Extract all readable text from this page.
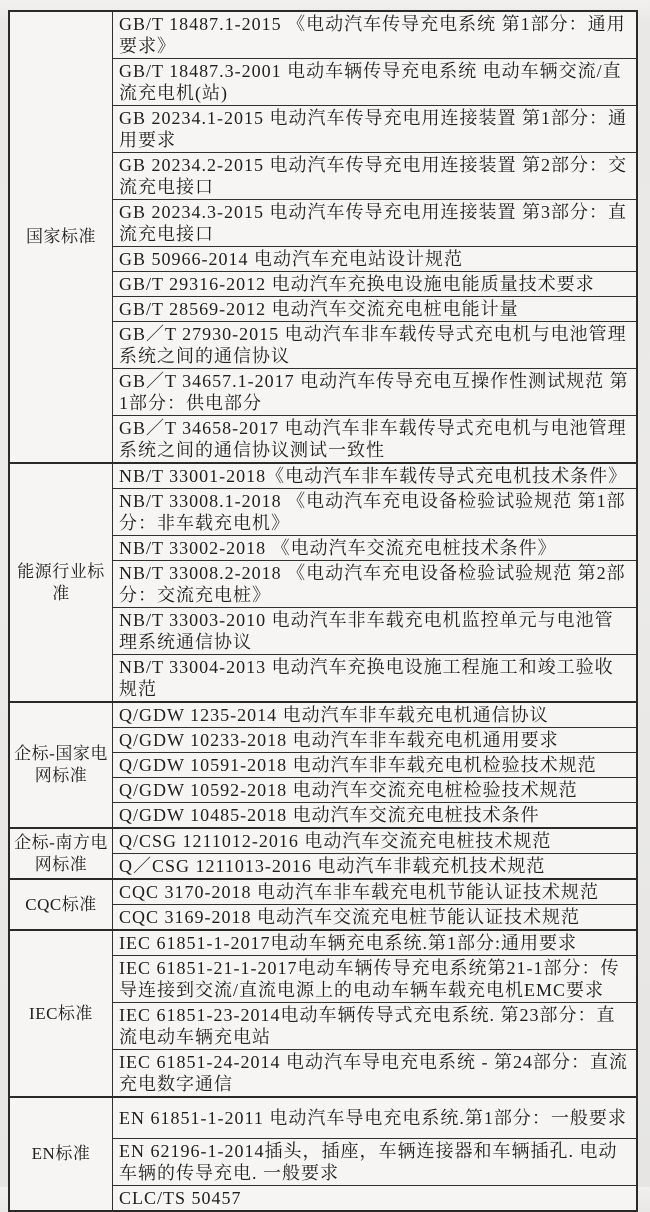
国家标准	GB/T 18487.1-2015 《电动汽车传导充电系统 第1部分：通用要求》
	GB/T 18487.3-2001 电动车辆传导充电系统 电动车辆交流/直流充电机(站)
	GB 20234.1-2015 电动汽车传导充电用连接装置 第1部分：通用要求
	GB 20234.2-2015 电动汽车传导充电用连接装置 第2部分：交流充电接口
	GB 20234.3-2015 电动汽车传导充电用连接装置 第3部分：直流充电接口
	GB 50966-2014 电动汽车充电站设计规范
	GB/T 29316-2012 电动汽车充换电设施电能质量技术要求
	GB/T 28569-2012 电动汽车交流充电桩电能计量
	GB／T 27930-2015 电动汽车非车载传导式充电机与电池管理系统之间的通信协议
	GB／T 34657.1-2017 电动汽车传导充电互操作性测试规范 第1部分：供电部分
	GB／T 34658-2017 电动汽车非车载传导式充电机与电池管理系统之间的通信协议测试一致性
能源行业标准	NB/T 33001-2018《电动汽车非车载传导式充电机技术条件》
	NB/T 33008.1-2018 《电动汽车充电设备检验试验规范 第1部分：非车载充电机》
	NB/T 33002-2018 《电动汽车交流充电桩技术条件》
	NB/T 33008.2-2018 《电动汽车充电设备检验试验规范 第2部分：交流充电桩》
	NB/T 33003-2010 电动汽车非车载充电机监控单元与电池管理系统通信协议
	NB/T 33004-2013 电动汽车充换电设施工程施工和竣工验收规范
企标-国家电网标准	Q/GDW 1235-2014 电动汽车非车载充电机通信协议
	Q/GDW 10233-2018 电动汽车非车载充电机通用要求
	Q/GDW 10591-2018 电动汽车非车载充电机检验技术规范
	Q/GDW 10592-2018 电动汽车交流充电桩检验技术规范
	Q/GDW 10485-2018 电动汽车交流充电桩技术条件
企标-南方电网标准	Q/CSG 1211012-2016 电动汽车交流充电桩技术规范
	Q／CSG 1211013-2016 电动汽车非载充机技术规范
CQC标准	CQC 3170-2018 电动汽车非车载充电机节能认证技术规范
	CQC 3169-2018 电动汽车交流充电桩节能认证技术规范
IEC标准	IEC 61851-1-2017电动车辆充电系统.第1部分:通用要求
	IEC 61851-21-1-2017电动车辆传导充电系统第21-1部分：传导连接到交流/直流电源上的电动车辆车载充电机EMC要求
	IEC 61851-23-2014电动车辆传导式充电系统. 第23部分：直流电动车辆充电站
	IEC 61851-24-2014 电动汽车导电充电系统 - 第24部分：直流充电数字通信
EN标准	EN 61851-1-2011 电动汽车导电充电系统.第1部分：一般要求
	EN 62196-1-2014插头，插座，车辆连接器和车辆插孔. 电动车辆的传导充电. 一般要求
	CLC/TS 50457
